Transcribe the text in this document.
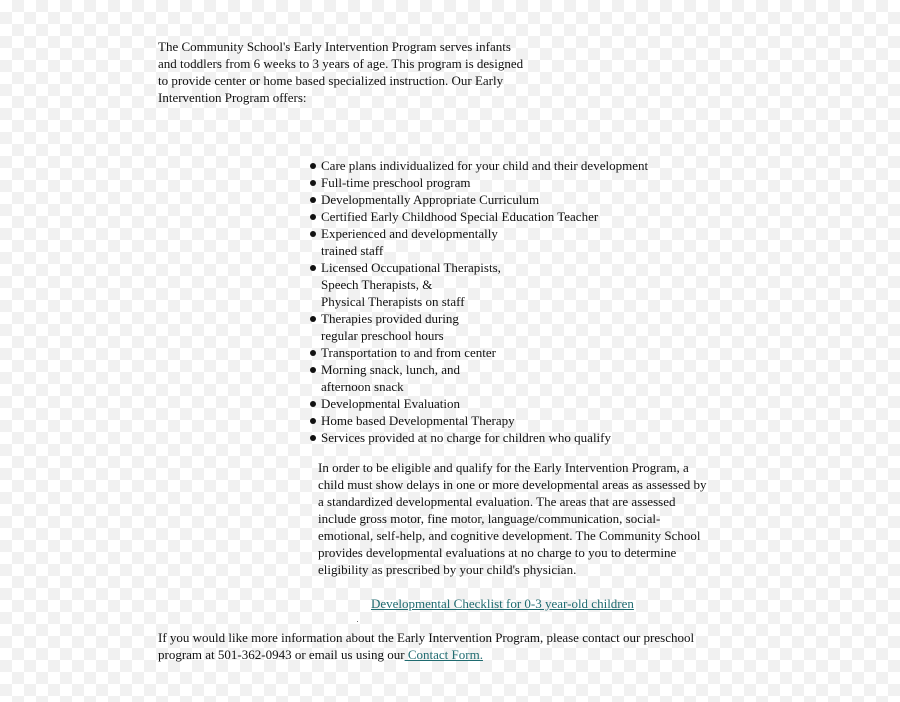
The Community School's Early Intervention Program serves infants
and toddlers from 6 weeks to 3 years of age. This program is designed
to provide center or home based specialized instruction. Our Early
Intervention Program offers:
Care plans individualized for your child and their development
Full-time preschool program
Developmentally Appropriate Curriculum
Certified Early Childhood Special Education Teacher
Experienced and developmentally
trained staff
Licensed Occupational Therapists,
Speech Therapists, &
Physical Therapists on staff
Therapies provided during
regular preschool hours
Transportation to and from center
Morning snack, lunch, and
afternoon snack
Developmental Evaluation
Home based Developmental Therapy
Services provided at no charge for children who qualify
In order to be eligible and qualify for the Early Intervention Program, a
child must show delays in one or more developmental areas as assessed by
a standardized developmental evaluation. The areas that are assessed
include gross motor, fine motor, language/communication, social-
emotional, self-help, and cognitive development. The Community School
provides developmental evaluations at no charge to you to determine
eligibility as prescribed by your child's physician.
Developmental Checklist for 0-3 year-old children
If you would like more information about the Early Intervention Program, please contact our preschool
program at 501-362-0943 or email us using our Contact Form.
